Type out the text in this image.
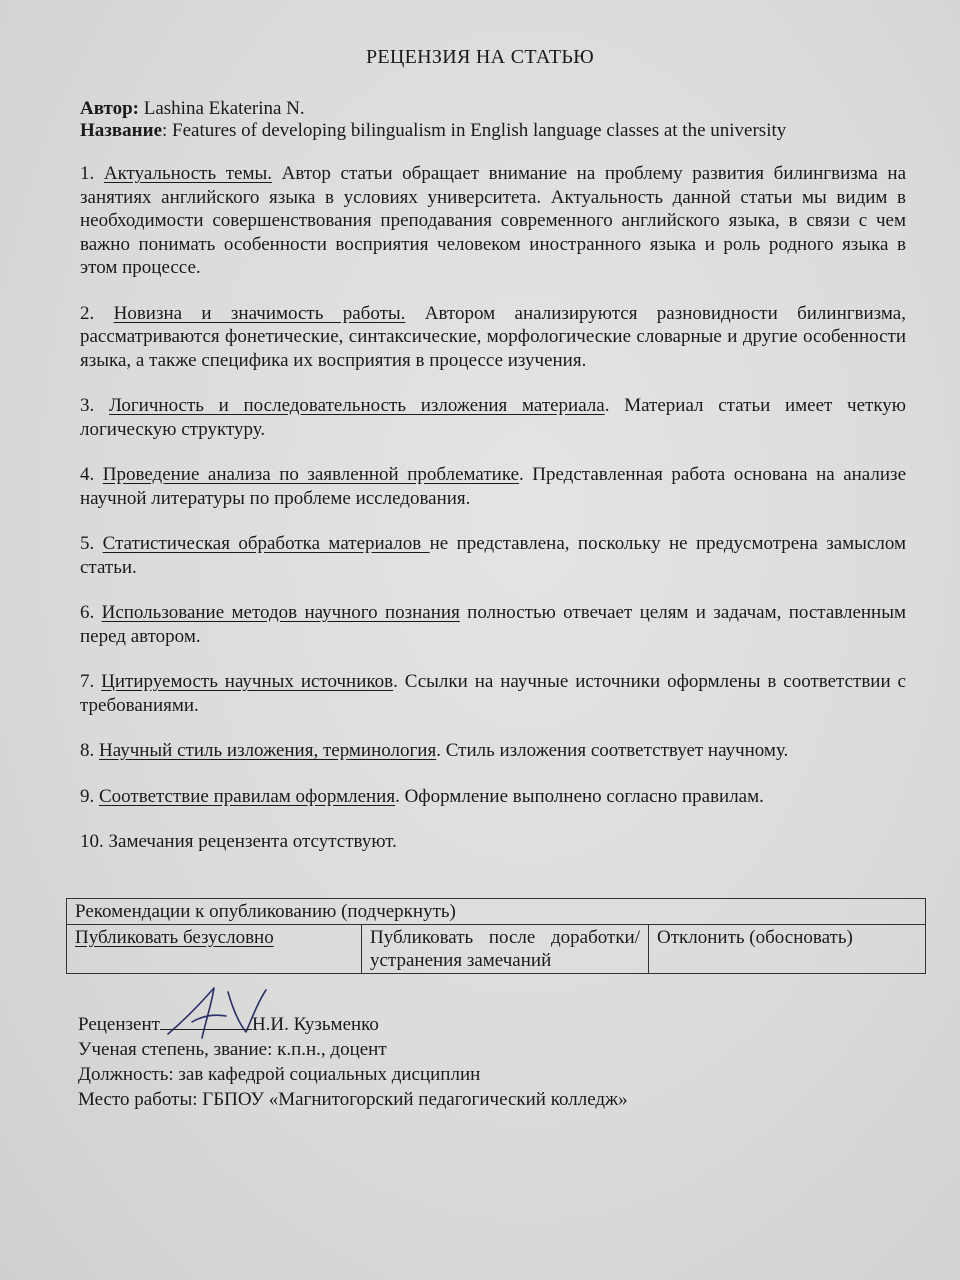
РЕЦЕНЗИЯ НА СТАТЬЮ
Автор: Lashina Ekaterina N.
Название: Features of developing bilingualism in English language classes at the university

1. Актуальность темы. Автор статьи обращает внимание на проблему развития билингвизма на занятиях английского языка в условиях университета. Актуальность данной статьи мы видим в необходимости совершенствования преподавания современного английского языка, в связи с чем важно понимать особенности восприятия человеком иностранного языка и роль родного языка в этом процессе.

2. Новизна и значимость работы. Автором анализируются разновидности билингвизма, рассматриваются фонетические, синтаксические, морфологические словарные и другие особенности языка, а также специфика их восприятия в процессе изучения.

3. Логичность и последовательность изложения материала. Материал статьи имеет четкую логическую структуру.

4. Проведение анализа по заявленной проблематике. Представленная работа основана на анализе научной литературы по проблеме исследования.

5. Статистическая обработка материалов не представлена, поскольку не предусмотрена замыслом статьи.

6. Использование методов научного познания полностью отвечает целям и задачам, поставленным перед автором.

7. Цитируемость научных источников. Ссылки на научные источники оформлены в соответствии с требованиями.

8. Научный стиль изложения, терминология. Стиль изложения соответствует научному.

9. Соответствие правилам оформления. Оформление выполнено согласно правилам.

10. Замечания рецензента отсутствуют.

Рекомендации к опубликованию (подчеркнуть)
Публиковать безусловно	Публиковать после доработки/устранения замечаний	Отклонить (обосновать)
Рецензент	Н.И. Кузьменко
Ученая степень, звание: к.п.н., доцент
Должность: зав кафедрой социальных дисциплин
Место работы: ГБПОУ «Магнитогорский педагогический колледж»
